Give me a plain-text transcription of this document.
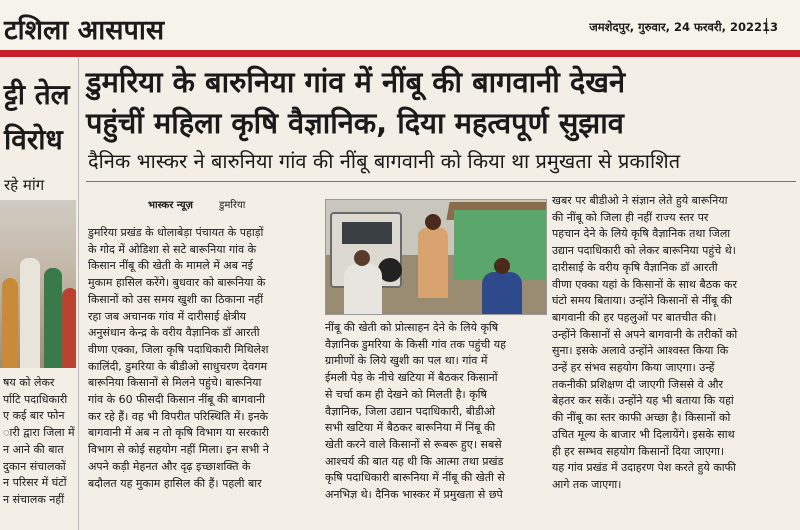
टशिला आसपास	जमशेदपुर, गुरुवार, 24 फरवरी, 2022 13
ट्टी तेल
विरोध
रहे मांग
षय को लेकर
र्पाटि पदाधिकारी
ए कई बार फोन
ारी द्वारा जिला में
न आने की बात
दुकान संचालकों
न परिसर में घंटों
न संचालक नहीं
डुमरिया के बारुनिया गांव में नींबू की बागवानी देखने
पहुंचीं महिला कृषि वैज्ञानिक, दिया महत्वपूर्ण सुझाव
दैनिक भास्कर ने बारुनिया गांव की नींबू बागवानी को किया था प्रमुखता से प्रकाशित
भास्कर न्यूज़	डुमरिया
डुमरिया प्रखंड के धोलाबेड़ा पंचायत के पहाड़ों
के गोद में ओडिशा से सटे बारूनिया गांव के
किसान नींबू की खेती के मामले में अब नई
मुकाम हासिल करेंगे। बुधवार को बारूनिया के
किसानों को उस समय खुशी का ठिकाना नहीं
रहा जब अचानक गांव में दारीसाई क्षेत्रीय
अनुसंधान केन्द्र के वरीय वैज्ञानिक डॉ आरती
वीणा एक्का, जिला कृषि पदाधिकारी मिथिलेश
कालिंदी, डुमरिया के बीडीओ साधुचरण देवगम
बारूनिया किसानों से मिलने पहुंचे। बारूनिया
गांव के 60 फीसदी किसान नींबू की बागवानी
कर रहे हैं। वह भी विपरीत परिस्थिति में। इनके
बागवानी में अब न तो कृषि विभाग या सरकारी
विभाग से कोई सहयोग नहीं मिला। इन सभी ने
अपने कड़ी मेहनत और दृढ़ इच्छाशक्ति के
बदौलत यह मुकाम हासिल की हैं। पहली बार
नींबू की खेती को प्रोत्साहन देने के लिये कृषि
वैज्ञानिक डुमरिया के किसी गांव तक पहुंची यह
ग्रामीणों के लिये खुशी का पल था। गांव में
ईमली पेड़ के नीचे खटिया में बैठकर किसानों
से चर्चा कम ही देखने को मिलती है। कृषि
वैज्ञानिक, जिला उद्यान पदाधिकारी, बीडीओ
सभी खटिया में बैठकर बारूनिया में निंबू की
खेती करने वाले किसानों से रूबरू हुए। सबसे
आश्चर्य की बात यह थी कि आत्मा तथा प्रखंड
कृषि पदाधिकारी बारूनिया में नींबू की खेती से
अनभिज्ञ थे। दैनिक भास्कर में प्रमुखता से छपे
खबर पर बीडीओ ने संज्ञान लेते हुये बारूनिया
की नींबू को जिला ही नहीं राज्य स्तर पर
पहचान देने के लिये कृषि वैज्ञानिक तथा जिला
उद्यान पदाधिकारी को लेकर बारूनिया पहुंचे थे।
दारीसाई के वरीय कृषि वैज्ञानिक डॉ आरती
वीणा एक्का यहां के किसानों के साथ बैठक कर
घंटो समय बिताया। उन्होंने किसानों से नींबू की
बागवानी की हर पहलुओं पर बातचीत की।
उन्होंने किसानों से अपने बागवानी के तरीकों को
सुना। इसके अलावे उन्होंने आश्वस्त किया कि
उन्हें हर संभव सहयोग किया जाएगा। उन्हें
तकनीकी प्रशिक्षण दी जाएगी जिससे वे और
बेहतर कर सकें। उन्होंने यह भी बताया कि यहां
की नींबू का स्तर काफी अच्छा है। किसानों को
उचित मूल्य के बाजार भी दिलायेंगे। इसके साथ
ही हर सम्भव सहयोग किसानों दिया जाएगा।
यह गांव प्रखंड में उदाहरण पेश करते हुये काफी
आगे तक जाएगा।
